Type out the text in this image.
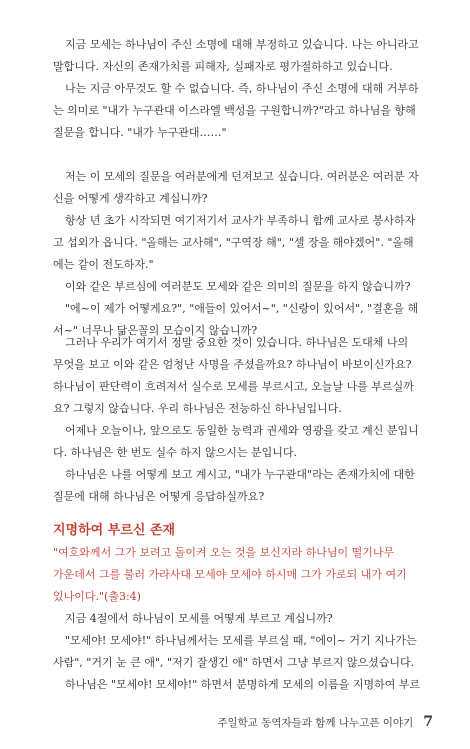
지금 모세는 하나님이 주신 소명에 대해 부정하고 있습니다. 나는 아니라고

말합니다. 자신의 존재가치를 피해자, 실패자로 평가절하하고 있습니다.

나는 지금 아무것도 할 수 없습니다. 즉, 하나님이 주신 소명에 대해 거부하

는 의미로 "내가 누구관대 이스라엘 백성을 구원합니까?"라고 하나님을 향해

질문을 합니다. "내가 누구관대……"

저는 이 모세의 질문을 여러분에게 던져보고 싶습니다. 여러분은 여러분 자

신을 어떻게 생각하고 계십니까?

항상 년 초가 시작되면 여기저기서 교사가 부족하니 함께 교사로 봉사하자

고 섭외가 옵니다. "올해는 교사해", "구역장 해", "셀 장을 해야겠어". "올해

에는 같이 전도하자."

이와 같은 부르심에 여러분도 모세와 같은 의미의 질문을 하지 않습니까?

"에~이 제가 어떻게요?", "애들이 있어서~", "신랑이 있어서", "결혼을 해

서~" 너무나 닮은꼴의 모습이지 않습니까?

그러나 우리가 여기서 정말 중요한 것이 있습니다. 하나님은 도대체 나의

무엇을 보고 이와 같은 엄청난 사명을 주셨을까요? 하나님이 바보이신가요?

하나님이 판단력이 흐려져서 실수로 모세를 부르시고, 오늘날 나를 부르실까

요? 그렇지 않습니다. 우리 하나님은 전능하신 하나님입니다.

어제나 오늘이나, 앞으로도 동일한 능력과 권세와 영광을 갖고 계신 분입니

다. 하나님은 한 번도 실수 하지 않으시는 분입니다.

하나님은 나를 어떻게 보고 계시고, "내가 누구관대"라는 존재가치에 대한

질문에 대해 하나님은 어떻게 응답하실까요?

지명하여 부르신 존재

"여호와께서 그가 보려고 돌이켜 오는 것을 보신지라 하나님이 떨기나무

가운데서 그를 불러 가라사대 모세야 모세야 하시매 그가 가로되 내가 여기

있나이다."(출3:4)

지금 4절에서 하나님이 모세를 어떻게 부르고 계십니까?

"모세야! 모세야!" 하나님께서는 모세를 부르실 때, "에이~ 거기 지나가는

사람", "거기 눈 큰 애", "저기 잘생긴 애" 하면서 그냥 부르지 않으셨습니다.

하나님은 "모세야! 모세야!" 하면서 분명하게 모세의 이름을 지명하여 부르

주일학교 동역자들과 함께 나누고픈 이야기 7
